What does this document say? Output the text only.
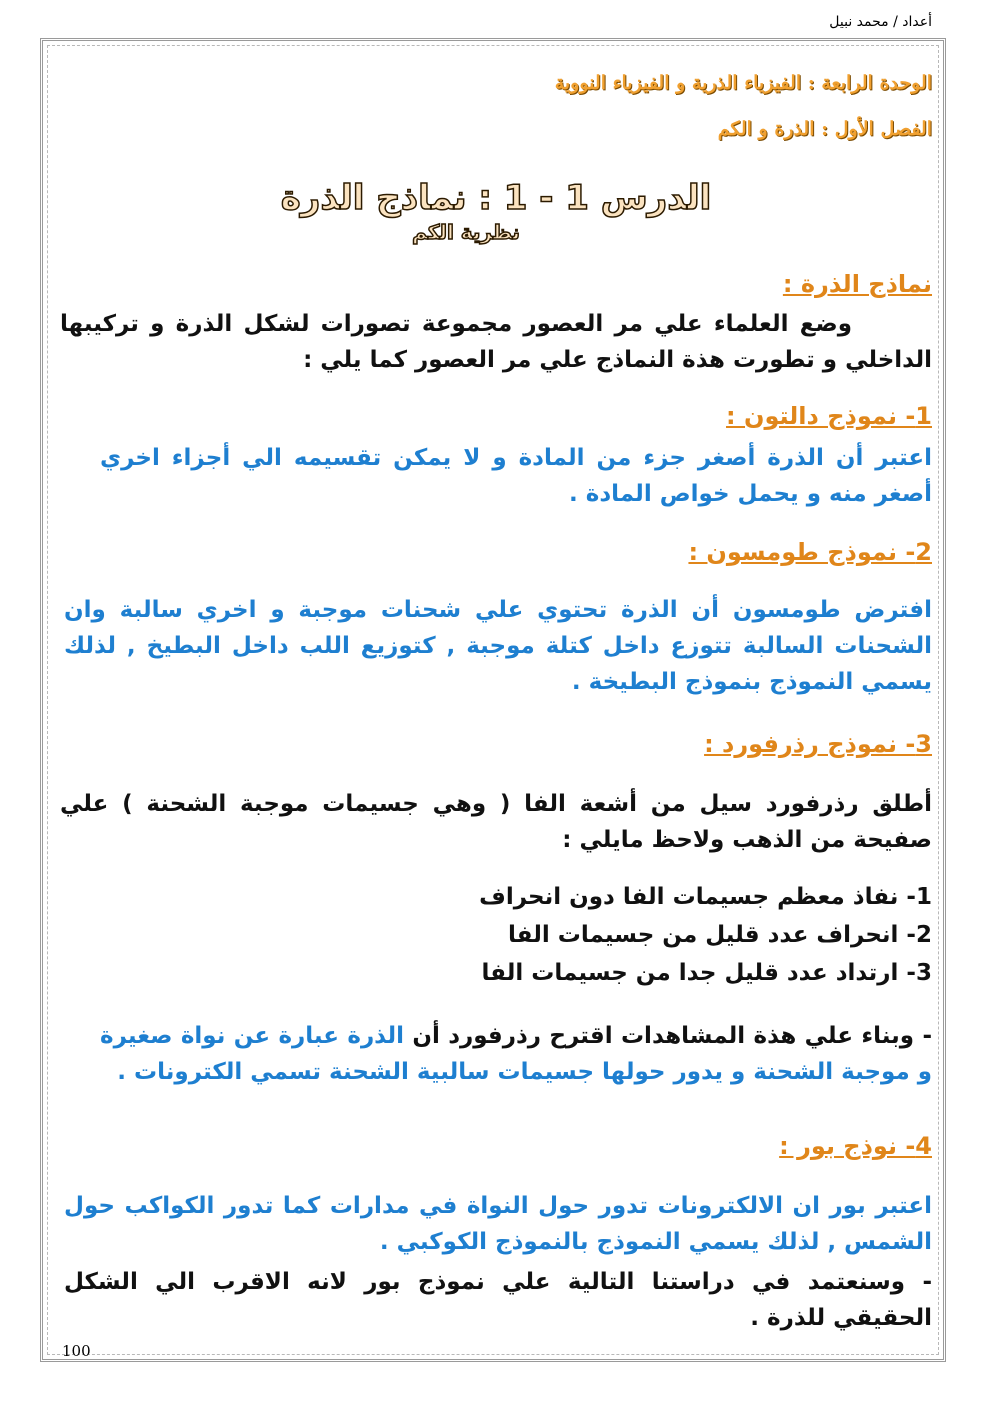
أعداد / محمد نبيل
الوحدة الرابعة : الفيزياء الذرية و الفيزياء النووية
الفصل الأول : الذرة و الكم
الدرس 1 - 1 : نماذج الذرة
نظرية الكم
نماذج الذرة :
وضع العلماء علي مر العصور مجموعة تصورات لشكل الذرة و تركيبها الداخلي و تطورت هذة النماذج علي مر العصور كما يلي :
1- نموذج دالتون :
اعتبر أن الذرة أصغر جزء من المادة و لا يمكن تقسيمه الي أجزاء اخري أصغر منه و يحمل خواص المادة .
2- نموذج طومسون :
افترض طومسون أن الذرة تحتوي علي شحنات موجبة و اخري سالبة وان الشحنات السالبة تتوزع داخل كتلة موجبة , كتوزيع اللب داخل البطيخ , لذلك يسمي النموذج بنموذج البطيخة .
3- نموذج رذرفورد :
أطلق رذرفورد سيل من أشعة الفا ( وهي جسيمات موجبة الشحنة ) علي صفيحة من الذهب ولاحظ مايلي :
1- نفاذ معظم جسيمات الفا دون انحراف
2- انحراف عدد قليل من جسيمات الفا
3- ارتداد عدد قليل جدا من جسيمات الفا
- وبناء علي هذة المشاهدات اقترح رذرفورد أن الذرة عبارة عن نواة صغيرة و موجبة الشحنة و يدور حولها جسيمات سالبية الشحنة تسمي الكترونات .
4- نوذج بور :
اعتبر بور ان الالكترونات تدور حول النواة في مدارات كما تدور الكواكب حول الشمس , لذلك يسمي النموذج بالنموذج الكوكبي .
- وسنعتمد في دراستنا التالية علي نموذج بور لانه الاقرب الي الشكل الحقيقي للذرة .
100
